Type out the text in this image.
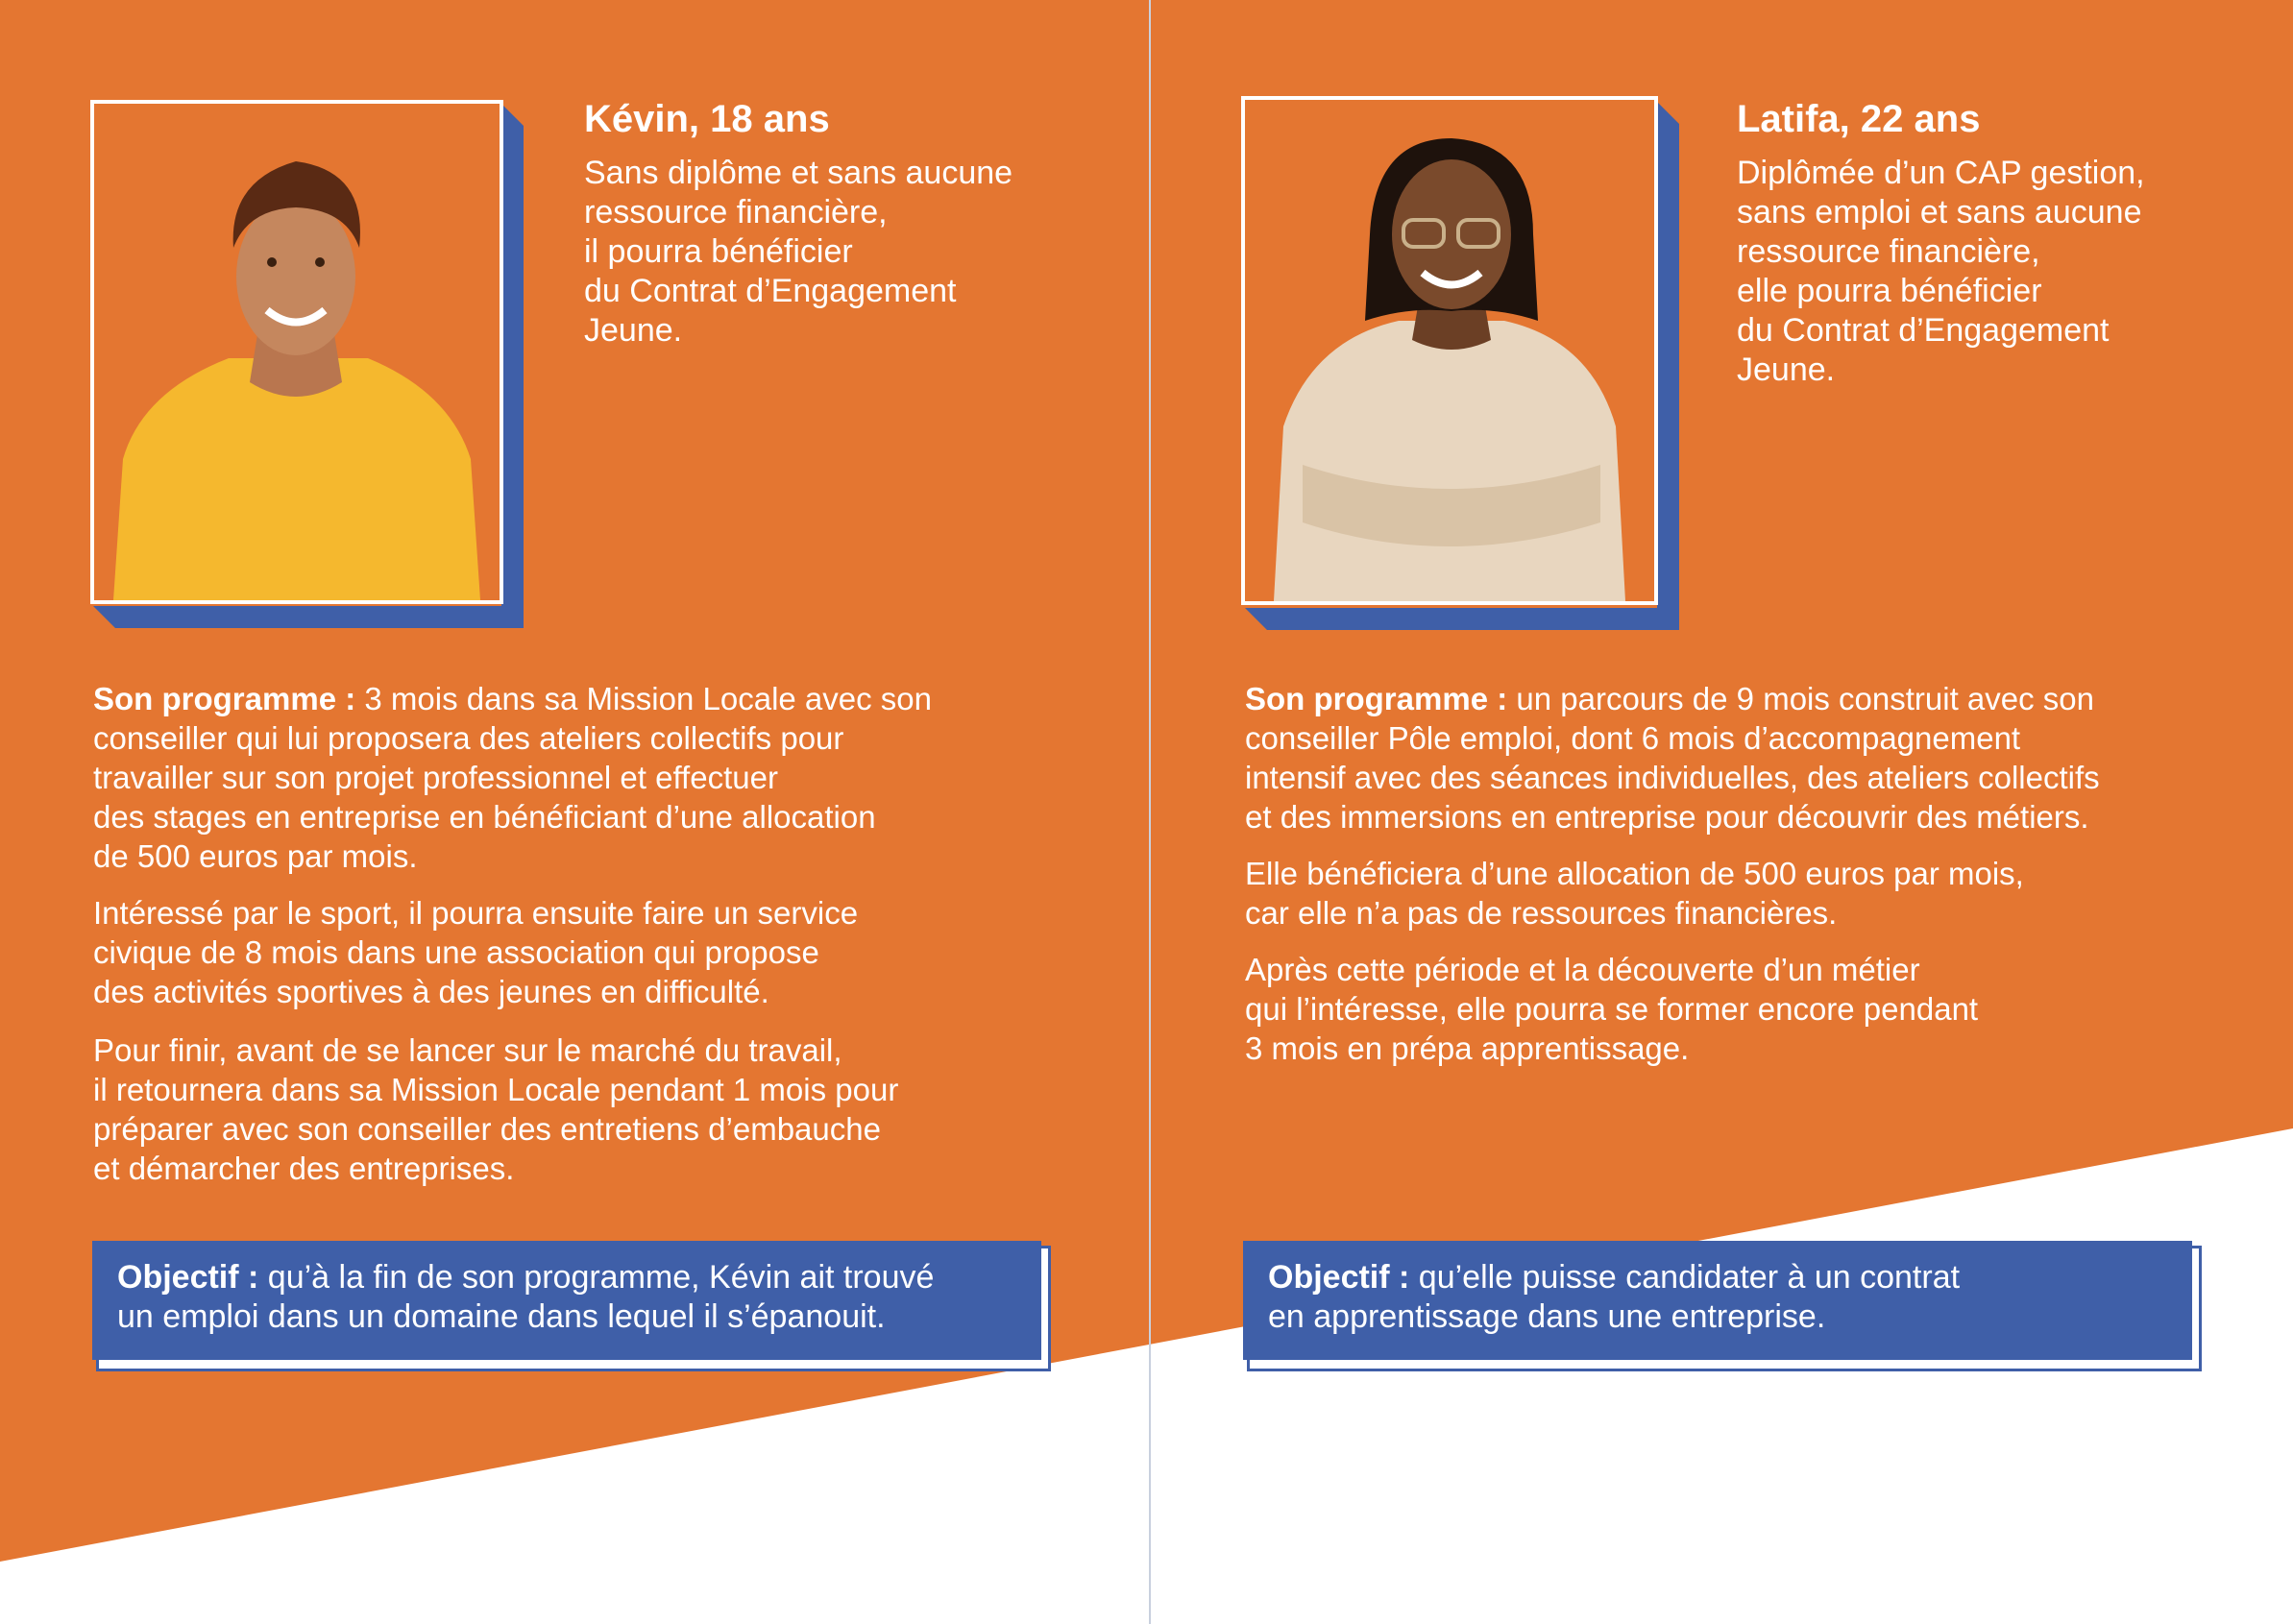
Kévin, 18 ans

Sans diplôme et sans aucune
ressource financière,
il pourra bénéficier
du Contrat d’Engagement
Jeune.

Son programme : 3 mois dans sa Mission Locale avec son
conseiller qui lui proposera des ateliers collectifs pour
travailler sur son projet professionnel et effectuer
des stages en entreprise en bénéficiant d’une allocation
de 500 euros par mois.

Intéressé par le sport, il pourra ensuite faire un service
civique de 8 mois dans une association qui propose
des activités sportives à des jeunes en difficulté.

Pour finir, avant de se lancer sur le marché du travail,
il retournera dans sa Mission Locale pendant 1 mois pour
préparer avec son conseiller des entretiens d’embauche
et démarcher des entreprises.

Objectif : qu’à la fin de son programme, Kévin ait trouvé
un emploi dans un domaine dans lequel il s’épanouit.
Latifa, 22 ans

Diplômée d’un CAP gestion,
sans emploi et sans aucune
ressource financière,
elle pourra bénéficier
du Contrat d’Engagement
Jeune.

Son programme : un parcours de 9 mois construit avec son
conseiller Pôle emploi, dont 6 mois d’accompagnement
intensif avec des séances individuelles, des ateliers collectifs
et des immersions en entreprise pour découvrir des métiers.

Elle bénéficiera d’une allocation de 500 euros par mois,
car elle n’a pas de ressources financières.

Après cette période et la découverte d’un métier
qui l’intéresse, elle pourra se former encore pendant
3 mois en prépa apprentissage.

Objectif : qu’elle puisse candidater à un contrat
en apprentissage dans une entreprise.
